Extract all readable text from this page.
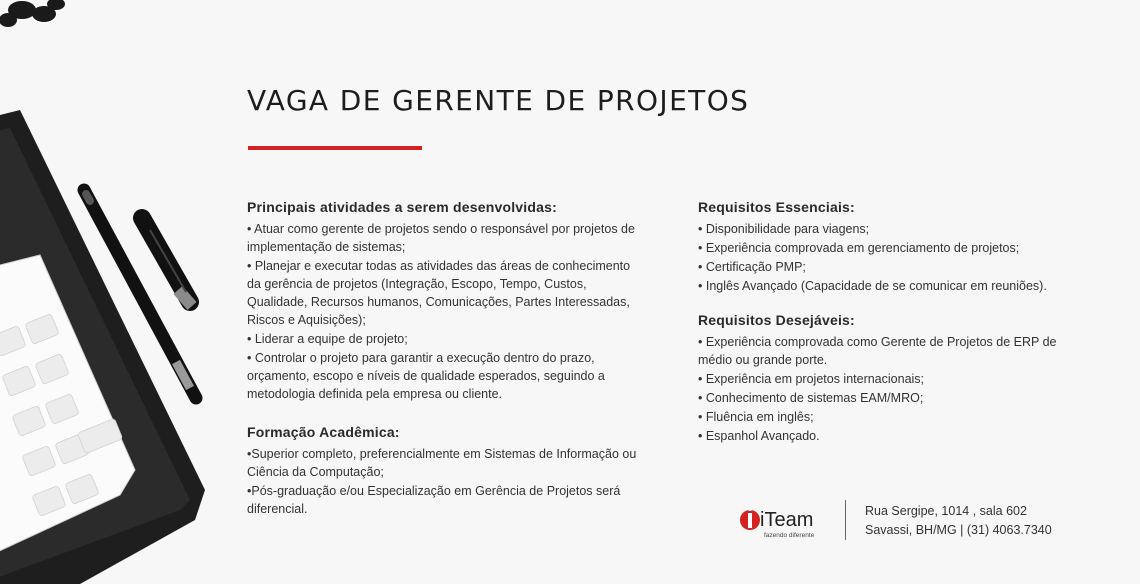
VAGA DE GERENTE DE PROJETOS
Principais atividades a serem desenvolvidas:
• Atuar como gerente de projetos sendo o responsável por projetos de implementação de sistemas;
• Planejar e executar todas as atividades das áreas de conhecimento da gerência de projetos (Integração, Escopo, Tempo, Custos, Qualidade, Recursos humanos, Comunicações, Partes Interessadas, Riscos e Aquisições);
• Liderar a equipe de projeto;
• Controlar o projeto para garantir a execução dentro do prazo, orçamento, escopo e níveis de qualidade esperados, seguindo a metodologia definida pela empresa ou cliente.
Formação Acadêmica:
•Superior completo, preferencialmente em Sistemas de Informação ou Ciência da Computação;
•Pós-graduação e/ou Especialização em Gerência de Projetos será diferencial.
Requisitos Essenciais:
• Disponibilidade para viagens;
• Experiência comprovada em gerenciamento de projetos;
• Certificação PMP;
• Inglês Avançado (Capacidade de se comunicar em reuniões).
Requisitos Desejáveis:
• Experiência comprovada como Gerente de Projetos de ERP de médio ou grande porte.
• Experiência em projetos internacionais;
• Conhecimento de sistemas EAM/MRO;
• Fluência em inglês;
• Espanhol Avançado.
iTeam
fazendo diferente
Rua Sergipe, 1014 , sala 602
Savassi, BH/MG | (31) 4063.7340
